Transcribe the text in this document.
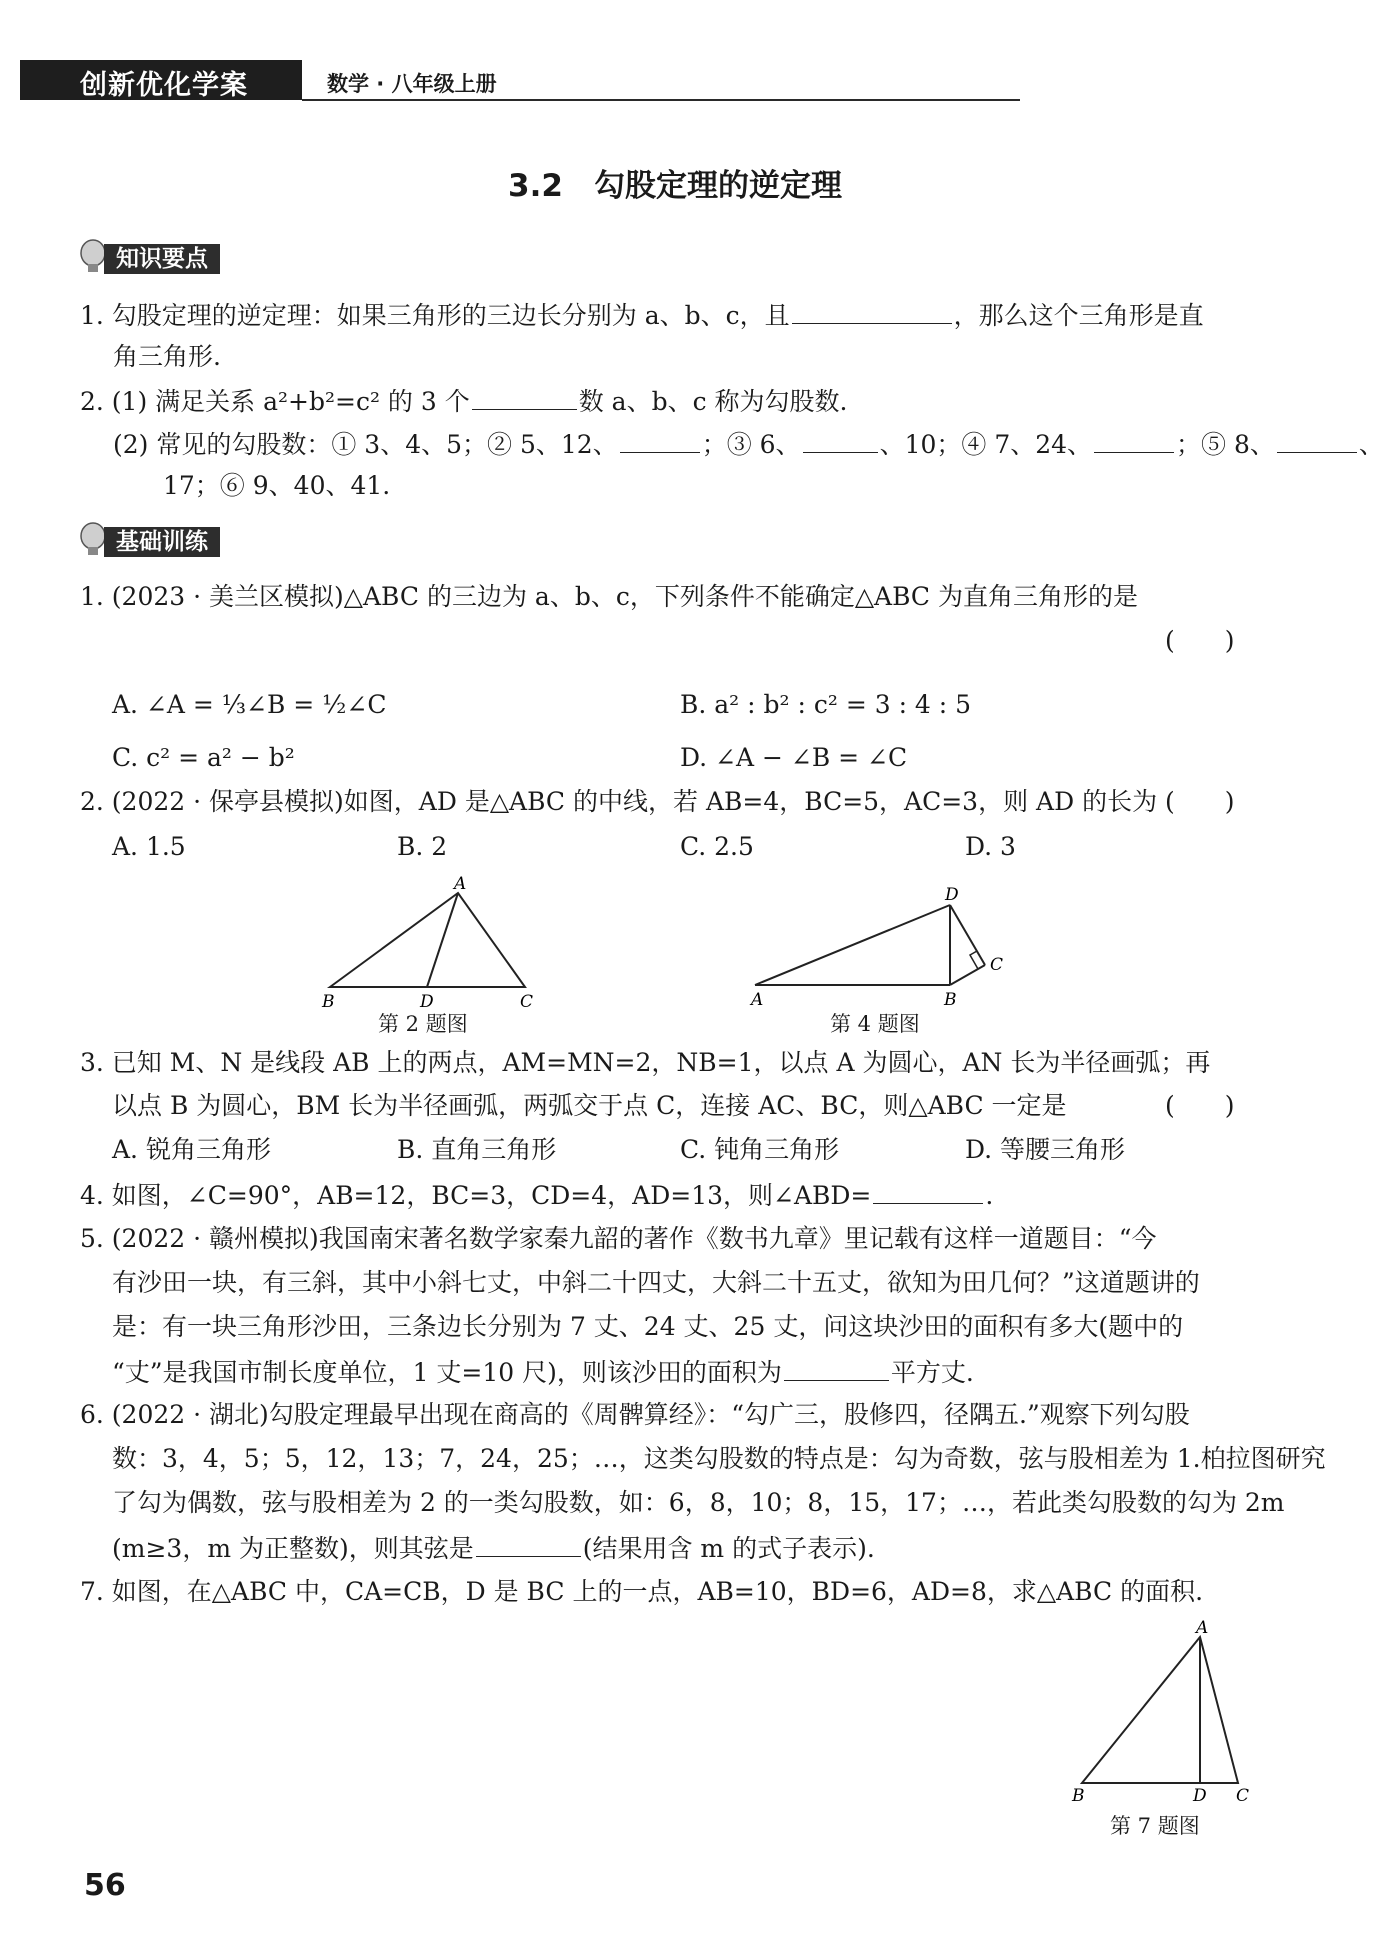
创新优化学案	数学 · 八年级上册
3.2　勾股定理的逆定理
知识要点
1. 勾股定理的逆定理：如果三角形的三边长分别为 a、b、c，且	，那么这个三角形是直
角三角形.
2. (1) 满足关系 a²+b²=c² 的 3 个	数 a、b、c 称为勾股数.
(2) 常见的勾股数：① 3、4、5；② 5、12、	；③ 6、	、10；④ 7、24、	；⑤ 8、	、
17；⑥ 9、40、41.
基础训练
1. (2023 · 美兰区模拟)△ABC 的三边为 a、b、c，下列条件不能确定△ABC 为直角三角形的是
(　　)
A. ∠A = ⅓∠B = ½∠C	B. a² : b² : c² = 3 : 4 : 5
C. c² = a² − b²	D. ∠A − ∠B = ∠C
2. (2022 · 保亭县模拟)如图，AD 是△ABC 的中线，若 AB=4，BC=5，AC=3，则 AD 的长为 (　　)
A. 1.5	B. 2	C. 2.5	D. 3
A
B	D	C
第 2 题图
D
C
A	B
第 4 题图
3. 已知 M、N 是线段 AB 上的两点，AM=MN=2，NB=1，以点 A 为圆心，AN 长为半径画弧；再
以点 B 为圆心，BM 长为半径画弧，两弧交于点 C，连接 AC、BC，则△ABC 一定是	(　　)
A. 锐角三角形	B. 直角三角形	C. 钝角三角形	D. 等腰三角形
4. 如图，∠C=90°，AB=12，BC=3，CD=4，AD=13，则∠ABD=	.
5. (2022 · 赣州模拟)我国南宋著名数学家秦九韶的著作《数书九章》里记载有这样一道题目：“今
有沙田一块，有三斜，其中小斜七丈，中斜二十四丈，大斜二十五丈，欲知为田几何？”这道题讲的
是：有一块三角形沙田，三条边长分别为 7 丈、24 丈、25 丈，问这块沙田的面积有多大(题中的
“丈”是我国市制长度单位，1 丈=10 尺)，则该沙田的面积为	平方丈.
6. (2022 · 湖北)勾股定理最早出现在商高的《周髀算经》：“勾广三，股修四，径隅五.”观察下列勾股
数：3，4，5；5，12，13；7，24，25；…，这类勾股数的特点是：勾为奇数，弦与股相差为 1.柏拉图研究
了勾为偶数，弦与股相差为 2 的一类勾股数，如：6，8，10；8，15，17；…，若此类勾股数的勾为 2m
(m≥3，m 为正整数)，则其弦是	(结果用含 m 的式子表示).
7. 如图，在△ABC 中，CA=CB，D 是 BC 上的一点，AB=10，BD=6，AD=8，求△ABC 的面积.
A
B	D C
第 7 题图
56
